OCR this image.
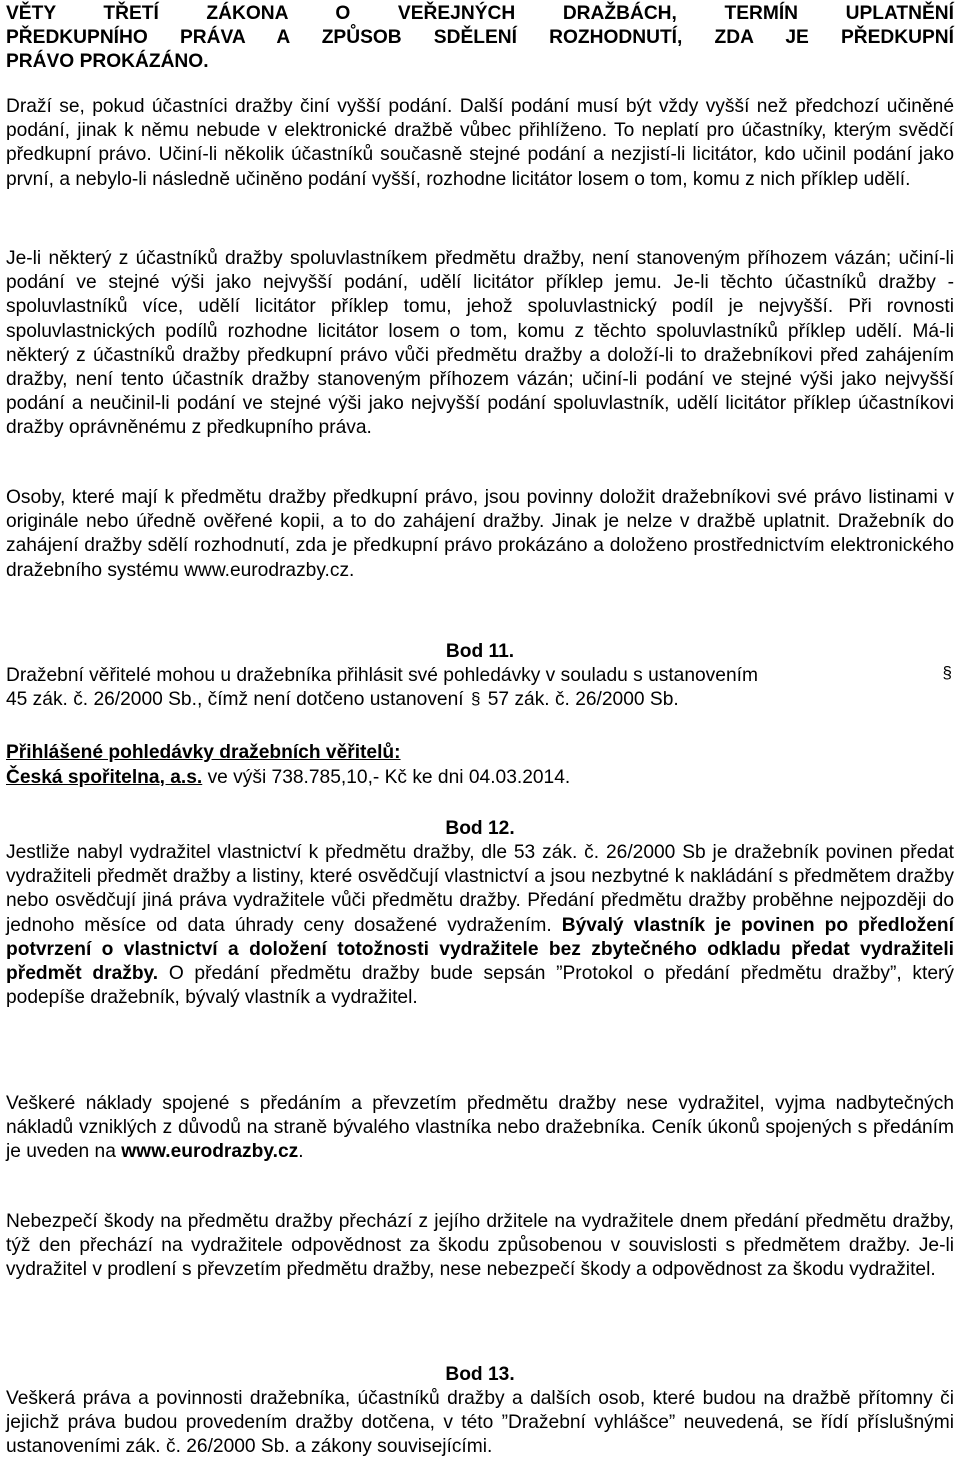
VĚTY TŘETÍ ZÁKONA O VEŘEJNÝCH DRAŽBÁCH, TERMÍN UPLATNĚNÍ
PŘEDKUPNÍHO PRÁVA A ZPŮSOB SDĚLENÍ ROZHODNUTÍ, ZDA JE PŘEDKUPNÍ
PRÁVO PROKÁZÁNO.

Draží se, pokud účastníci dražby činí vyšší podání. Další podání musí být vždy vyšší než předchozí učiněné podání, jinak k němu nebude v elektronické dražbě vůbec přihlíženo. To neplatí pro účastníky, kterým svědčí předkupní právo. Učiní-li několik účastníků současně stejné podání a nezjistí-li licitátor, kdo učinil podání jako první, a nebylo-li následně učiněno podání vyšší, rozhodne licitátor losem o tom, komu z nich příklep udělí.

Je-li některý z účastníků dražby spoluvlastníkem předmětu dražby, není stanoveným příhozem vázán; učiní-li podání ve stejné výši jako nejvyšší podání, udělí licitátor příklep jemu. Je-li těchto účastníků dražby - spoluvlastníků více, udělí licitátor příklep tomu, jehož spoluvlastnický podíl je nejvyšší. Při rovnosti spoluvlastnických podílů rozhodne licitátor losem o tom, komu z těchto spoluvlastníků příklep udělí. Má-li některý z účastníků dražby předkupní právo vůči předmětu dražby a doloží-li to dražebníkovi před zahájením dražby, není tento účastník dražby stanoveným příhozem vázán; učiní-li podání ve stejné výši jako nejvyšší podání a neučinil-li podání ve stejné výši jako nejvyšší podání spoluvlastník, udělí licitátor příklep účastníkovi dražby oprávněnému z předkupního práva.

Osoby, které mají k předmětu dražby předkupní právo, jsou povinny doložit dražebníkovi své právo listinami v originále nebo úředně ověřené kopii, a to do zahájení dražby. Jinak je nelze v dražbě uplatnit. Dražebník do zahájení dražby sdělí rozhodnutí, zda je předkupní právo prokázáno a doloženo prostřednictvím elektronického dražebního systému www.eurodrazby.cz.

Bod 11.
Dražební věřitelé mohou u dražebníka přihlásit své pohledávky v souladu s ustanovením	§
45 zák. č. 26/2000 Sb., čímž není dotčeno ustanovení § 57 zák. č. 26/2000 Sb.
Přihlášené pohledávky dražebních věřitelů:
Česká spořitelna, a.s. ve výši 738.785,10,- Kč ke dni 04.03.2014.
Bod 12.

Jestliže nabyl vydražitel vlastnictví k předmětu dražby, dle 53 zák. č. 26/2000 Sb je dražebník povinen předat vydražiteli předmět dražby a listiny, které osvědčují vlastnictví a jsou nezbytné k nakládání s předmětem dražby nebo osvědčují jiná práva vydražitele vůči předmětu dražby. Předání předmětu dražby proběhne nejpozději do jednoho měsíce od data úhrady ceny dosažené vydražením. Bývalý vlastník je povinen po předložení potvrzení o vlastnictví a doložení totožnosti vydražitele bez zbytečného odkladu předat vydražiteli předmět dražby. O předání předmětu dražby bude sepsán ”Protokol o předání předmětu dražby”, který podepíše dražebník, bývalý vlastník a vydražitel.

Veškeré náklady spojené s předáním a převzetím předmětu dražby nese vydražitel, vyjma nadbytečných nákladů vzniklých z důvodů na straně bývalého vlastníka nebo dražebníka. Ceník úkonů spojených s předáním je uveden na www.eurodrazby.cz.

Nebezpečí škody na předmětu dražby přechází z jejího držitele na vydražitele dnem předání předmětu dražby, týž den přechází na vydražitele odpovědnost za škodu způsobenou v souvislosti s předmětem dražby. Je-li vydražitel v prodlení s převzetím předmětu dražby, nese nebezpečí škody a odpovědnost za škodu vydražitel.

Bod 13.

Veškerá práva a povinnosti dražebníka, účastníků dražby a dalších osob, které budou na dražbě přítomny či jejichž práva budou provedením dražby dotčena, v této ”Dražební vyhlášce” neuvedená, se řídí příslušnými ustanoveními zák. č. 26/2000 Sb. a zákony souvisejícími.
